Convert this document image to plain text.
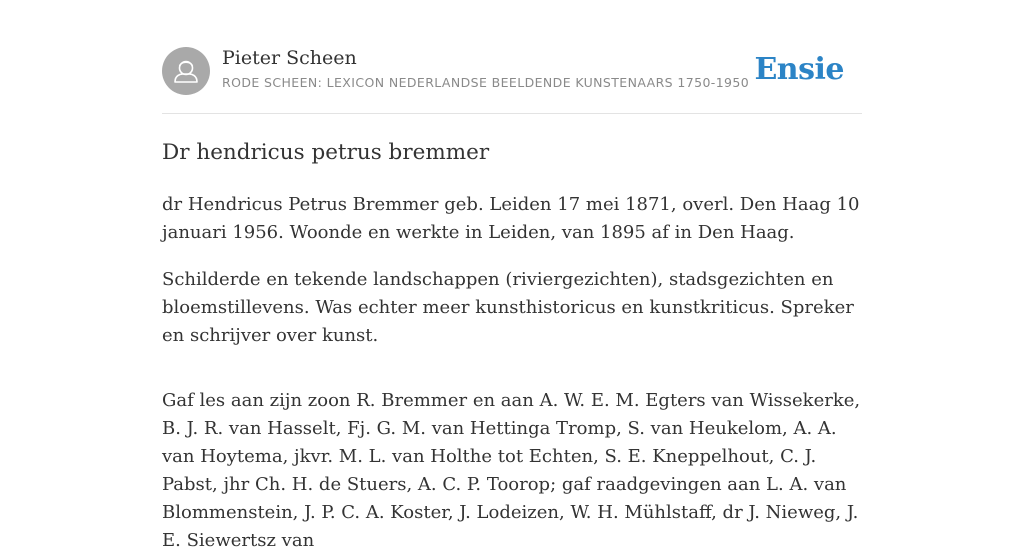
Pieter Scheen
RODE SCHEEN: LEXICON NEDERLANDSE BEELDENDE KUNSTENAARS 1750-1950 Ensie
Dr hendricus petrus bremmer

dr Hendricus Petrus Bremmer geb. Leiden 17 mei 1871, overl. Den Haag 10 januari 1956. Woonde en werkte in Leiden, van 1895 af in Den Haag.

Schilderde en tekende landschappen (riviergezichten), stadsgezichten en bloemstillevens. Was echter meer kunsthistoricus en kunstkriticus. Spreker en schrijver over kunst.

Gaf les aan zijn zoon R. Bremmer en aan A. W. E. M. Egters van Wissekerke, B. J. R. van Hasselt, Fj. G. M. van Hettinga Tromp, S. van Heukelom, A. A. van Hoytema, jkvr. M. L. van Holthe tot Echten, S. E. Kneppelhout, C. J. Pabst, jhr Ch. H. de Stuers, A. C. P. Toorop; gaf raadgevingen aan L. A. van Blommenstein, J. P. C. A. Koster, J. Lodeizen, W. H. Mühlstaff, dr J. Nieweg, J. E. Siewertsz van
